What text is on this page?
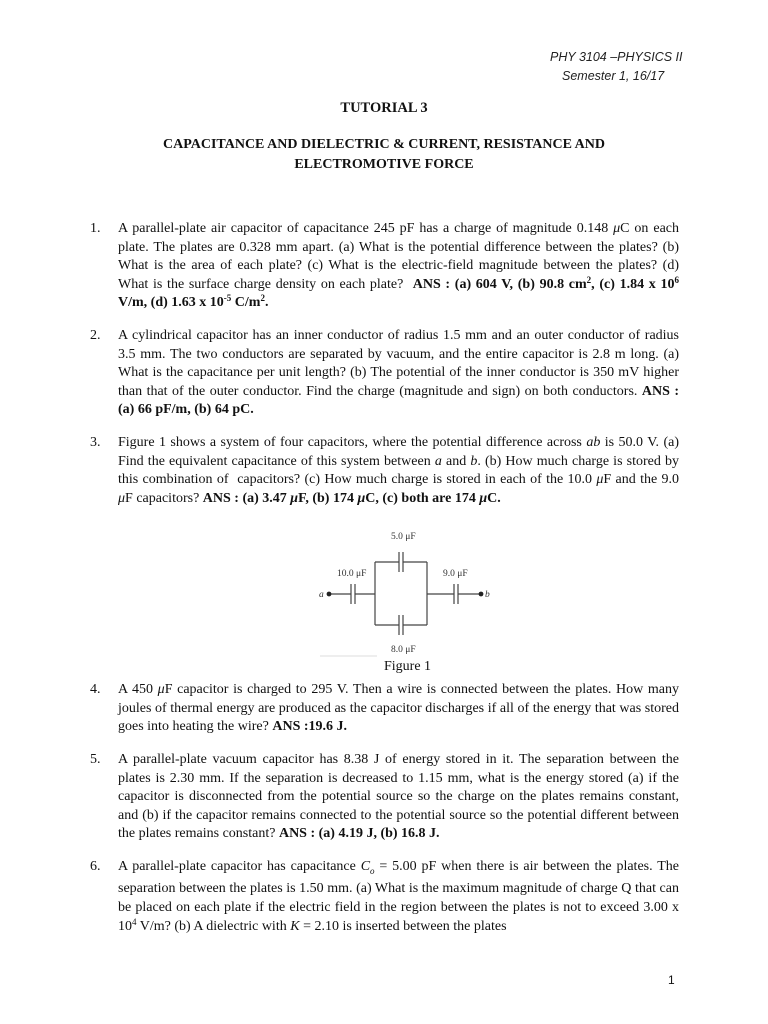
PHY 3104 –PHYSICS II
Semester 1, 16/17
TUTORIAL 3
CAPACITANCE AND DIELECTRIC & CURRENT, RESISTANCE AND
ELECTROMOTIVE FORCE
1. A parallel-plate air capacitor of capacitance 245 pF has a charge of magnitude 0.148 μC on each plate. The plates are 0.328 mm apart. (a) What is the potential difference between the plates? (b) What is the area of each plate? (c) What is the electric-field magnitude between the plates? (d) What is the surface charge density on each plate?  ANS : (a) 604 V, (b) 90.8 $cm^2$, (c) 1.84 x $10^6$ V/m, (d) 1.63 x $10^{-5}$ $C/m^2$.
2. A cylindrical capacitor has an inner conductor of radius 1.5 mm and an outer conductor of radius 3.5 mm. The two conductors are separated by vacuum, and the entire capacitor is 2.8 m long. (a) What is the capacitance per unit length? (b) The potential of the inner conductor is 350 mV higher than that of the outer conductor. Find the charge (magnitude and sign) on both conductors. ANS : (a) 66 pF/m, (b) 64 pC.
3. Figure 1 shows a system of four capacitors, where the potential difference across ab is 50.0 V. (a) Find the equivalent capacitance of this system between a and b. (b) How much charge is stored by this combination of  capacitors? (c) How much charge is stored in each of the 10.0 μF and the 9.0 μF capacitors? ANS : (a) 3.47 μF, (b) 174 μC, (c) both are 174 μC.
5.0 μF
10.0 μF	9.0 μF
8.0 μF
a	b
Figure 1
4. A 450 μF capacitor is charged to 295 V. Then a wire is connected between the plates. How many joules of thermal energy are produced as the capacitor discharges if all of the energy that was stored goes into heating the wire? ANS :19.6 J.
5. A parallel-plate vacuum capacitor has 8.38 J of energy stored in it. The separation between the plates is 2.30 mm. If the separation is decreased to 1.15 mm, what is the energy stored (a) if the capacitor is disconnected from the potential source so the charge on the plates remains constant, and (b) if the capacitor remains connected to the potential source so the potential different between the plates remains constant? ANS : (a) 4.19 J, (b) 16.8 J.
6. A parallel-plate capacitor has capacitance $C_o = 5.00$ pF when there is air between the plates. The separation between the plates is 1.50 mm. (a) What is the maximum magnitude of charge Q that can be placed on each plate if the electric field in the region between the plates is not to exceed 3.00 x $10^4$ V/m? (b) A dielectric with K = 2.10 is inserted between the plates
1
